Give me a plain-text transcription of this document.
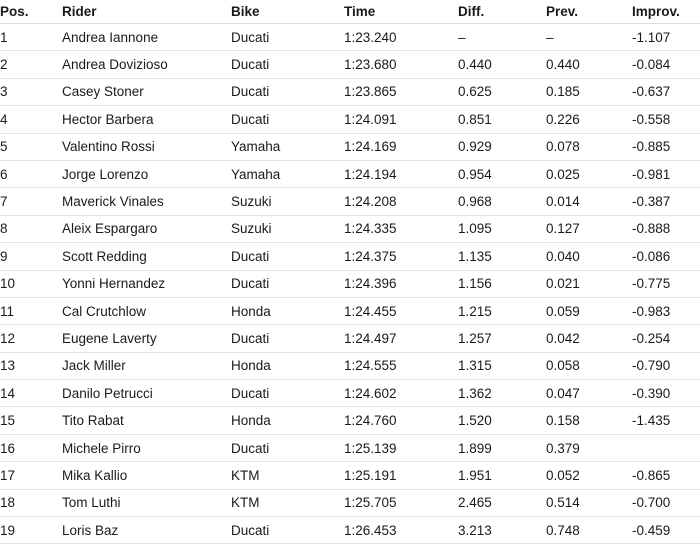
Pos.	Rider	Bike	Time	Diff.	Prev.	Improv.
1	Andrea Iannone	Ducati	1:23.240	–	–	-1.107
2	Andrea Dovizioso	Ducati	1:23.680	0.440	0.440	-0.084
3	Casey Stoner	Ducati	1:23.865	0.625	0.185	-0.637
4	Hector Barbera	Ducati	1:24.091	0.851	0.226	-0.558
5	Valentino Rossi	Yamaha	1:24.169	0.929	0.078	-0.885
6	Jorge Lorenzo	Yamaha	1:24.194	0.954	0.025	-0.981
7	Maverick Vinales	Suzuki	1:24.208	0.968	0.014	-0.387
8	Aleix Espargaro	Suzuki	1:24.335	1.095	0.127	-0.888
9	Scott Redding	Ducati	1:24.375	1.135	0.040	-0.086
10	Yonni Hernandez	Ducati	1:24.396	1.156	0.021	-0.775
11	Cal Crutchlow	Honda	1:24.455	1.215	0.059	-0.983
12	Eugene Laverty	Ducati	1:24.497	1.257	0.042	-0.254
13	Jack Miller	Honda	1:24.555	1.315	0.058	-0.790
14	Danilo Petrucci	Ducati	1:24.602	1.362	0.047	-0.390
15	Tito Rabat	Honda	1:24.760	1.520	0.158	-1.435
16	Michele Pirro	Ducati	1:25.139	1.899	0.379	
17	Mika Kallio	KTM	1:25.191	1.951	0.052	-0.865
18	Tom Luthi	KTM	1:25.705	2.465	0.514	-0.700
19	Loris Baz	Ducati	1:26.453	3.213	0.748	-0.459
